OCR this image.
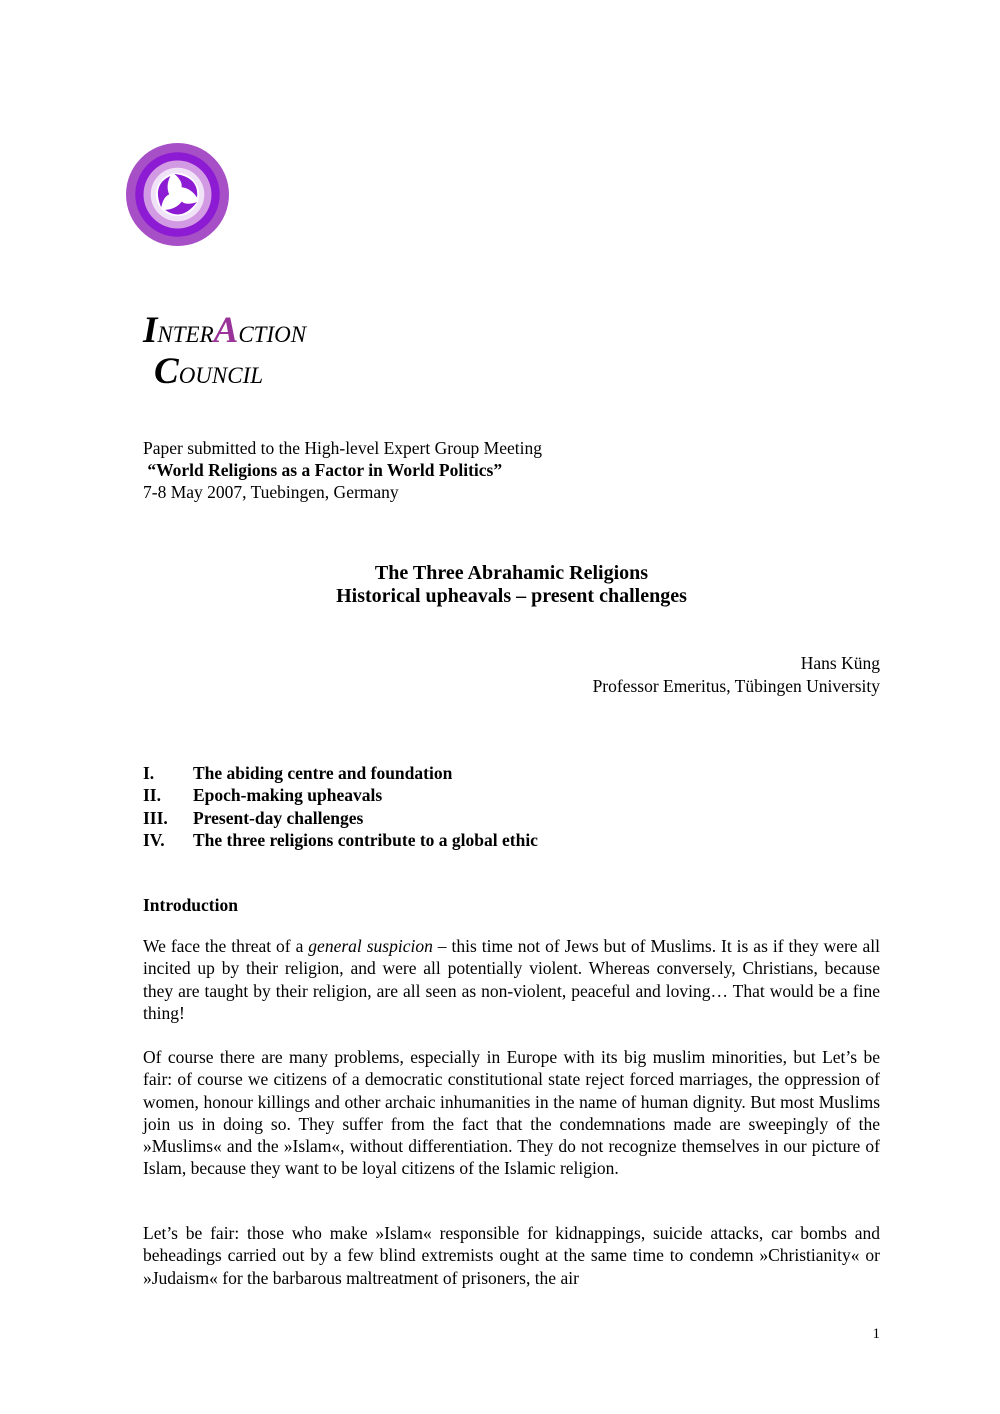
INTERACTION
COUNCIL
Paper submitted to the High-level Expert Group Meeting
“World Religions as a Factor in World Politics”
7-8 May 2007, Tuebingen, Germany
The Three Abrahamic Religions
Historical upheavals – present challenges
Hans Küng
Professor Emeritus, Tübingen University
I.	The abiding centre and foundation
II.	Epoch-making upheavals
III.	Present-day challenges
IV.	The three religions contribute to a global ethic
Introduction

We face the threat of a general suspicion – this time not of Jews but of Muslims. It is as if they were all incited up by their religion, and were all potentially violent. Whereas conversely, Christians, because they are taught by their religion, are all seen as non-violent, peaceful and loving… That would be a fine thing!

Of course there are many problems, especially in Europe with its big muslim minorities, but Let’s be fair: of course we citizens of a democratic constitutional state reject forced marriages, the oppression of women, honour killings and other archaic inhumanities in the name of human dignity. But most Muslims join us in doing so. They suffer from the fact that the condemnations made are sweepingly of the »Muslims« and the »Islam«, without differentiation. They do not recognize themselves in our picture of Islam, because they want to be loyal citizens of the Islamic religion.

Let’s be fair: those who make »Islam« responsible for kidnappings, suicide attacks, car bombs and beheadings carried out by a few blind extremists ought at the same time to condemn »Christianity« or »Judaism« for the barbarous maltreatment of prisoners, the air

1
